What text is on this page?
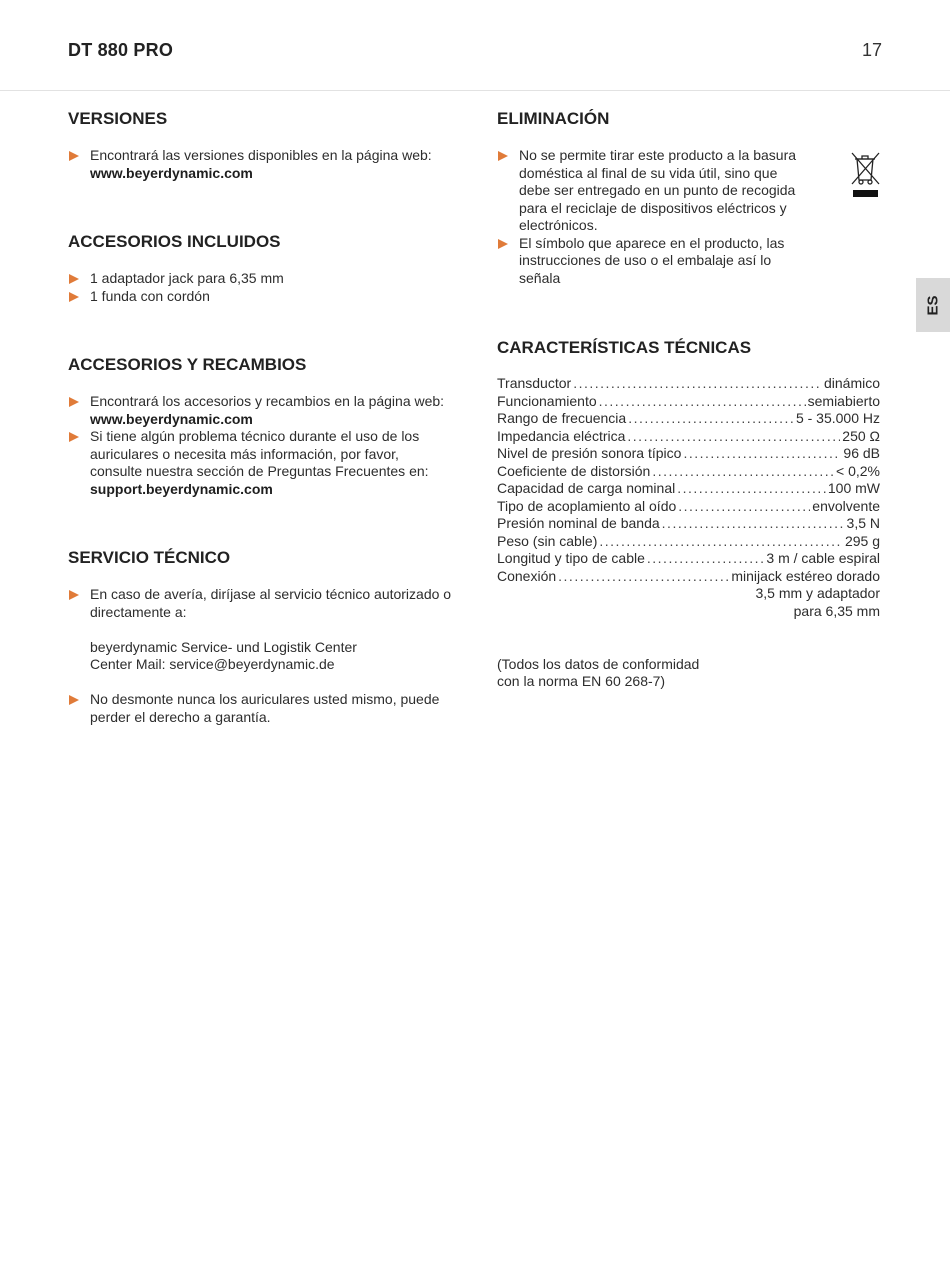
DT 880 PRO	17
ES
VERSIONES
Encontrará las versiones disponibles en la página web: www.beyerdynamic.com
ACCESORIOS INCLUIDOS
1 adaptador jack para 6,35 mm
1 funda con cordón
ACCESORIOS Y RECAMBIOS
Encontrará los accesorios y recambios en la página web: www.beyerdynamic.com
Si tiene algún problema técnico durante el uso de los auriculares o necesita más información, por favor, consulte nuestra sección de Preguntas Frecuentes en: support.beyerdynamic.com
SERVICIO TÉCNICO
En caso de avería, diríjase al servicio técnico autorizado o directamente a:
beyerdynamic Service- und Logistik Center
Center Mail: service@beyerdynamic.de
No desmonte nunca los auriculares usted mismo, puede perder el derecho a garantía.
ELIMINACIÓN
No se permite tirar este producto a la basura doméstica al final de su vida útil, sino que debe ser entregado en un punto de recogida para el reciclaje de dispositivos eléctricos y electrónicos.
El símbolo que aparece en el producto, las instrucciones de uso o el embalaje así lo señala
CARACTERÍSTICAS TÉCNICAS
Transductor .....	dinámico
Funcionamiento .....	semiabierto
Rango de frecuencia .....	5 - 35.000 Hz
Impedancia eléctrica .....	250 Ω
Nivel de presión sonora típico .....	96 dB
Coeficiente de distorsión .....	< 0,2%
Capacidad de carga nominal .....	100 mW
Tipo de acoplamiento al oído .....	envolvente
Presión nominal de banda .....	3,5 N
Peso (sin cable) .....	295 g
Longitud y tipo de cable .....	3 m / cable espiral
Conexión .....	minijack estéreo dorado
3,5 mm y adaptador
para 6,35 mm
(Todos los datos de conformidad
con la norma EN 60 268-7)
